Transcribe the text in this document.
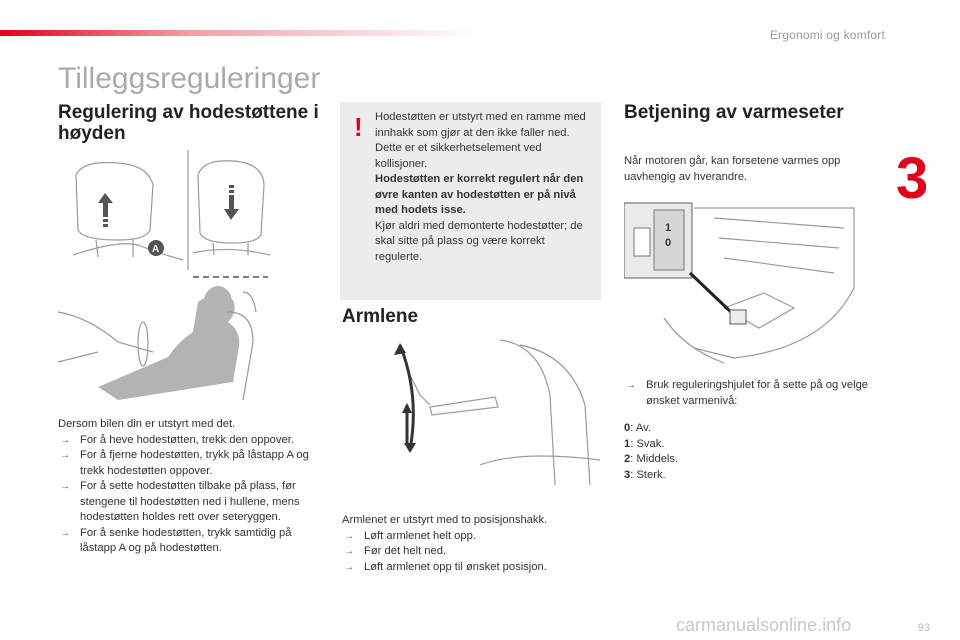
Ergonomi og komfort
3
Tilleggsreguleringer
Regulering av hodestøttene i høyden
A

Dersom bilen din er utstyrt med det.

→ For å heve hodestøtten, trekk den oppover.
→ For å fjerne hodestøtten, trykk på låstapp A og trekk hodestøtten oppover.
→ For å sette hodestøtten tilbake på plass, før stengene til hodestøtten ned i hullene, mens hodestøtten holdes rett over seteryggen.
→ For å senke hodestøtten, trykk samtidig på låstapp A og på hodestøtten.
! Hodestøtten er utstyrt med en ramme med innhakk som gjør at den ikke faller ned. Dette er et sikkerhetselement ved kollisjoner.

Hodestøtten er korrekt regulert når den øvre kanten av hodestøtten er på nivå med hodets isse.

Kjør aldri med demonterte hodestøtter; de skal sitte på plass og være korrekt regulerte.

Armlene

Armlenet er utstyrt med to posisjonshakk.

→ Løft armlenet helt opp.
→ Før det helt ned.
→ Løft armlenet opp til ønsket posisjon.
Betjening av varmeseter
Når motoren går, kan forsetene varmes opp uavhengig av hverandre.
1
0
→ Bruk reguleringshjulet for å sette på og velge ønsket varmenivå:
0: Av.
1: Svak.
2: Middels.
3: Sterk.
carmanualsonline.info	93
